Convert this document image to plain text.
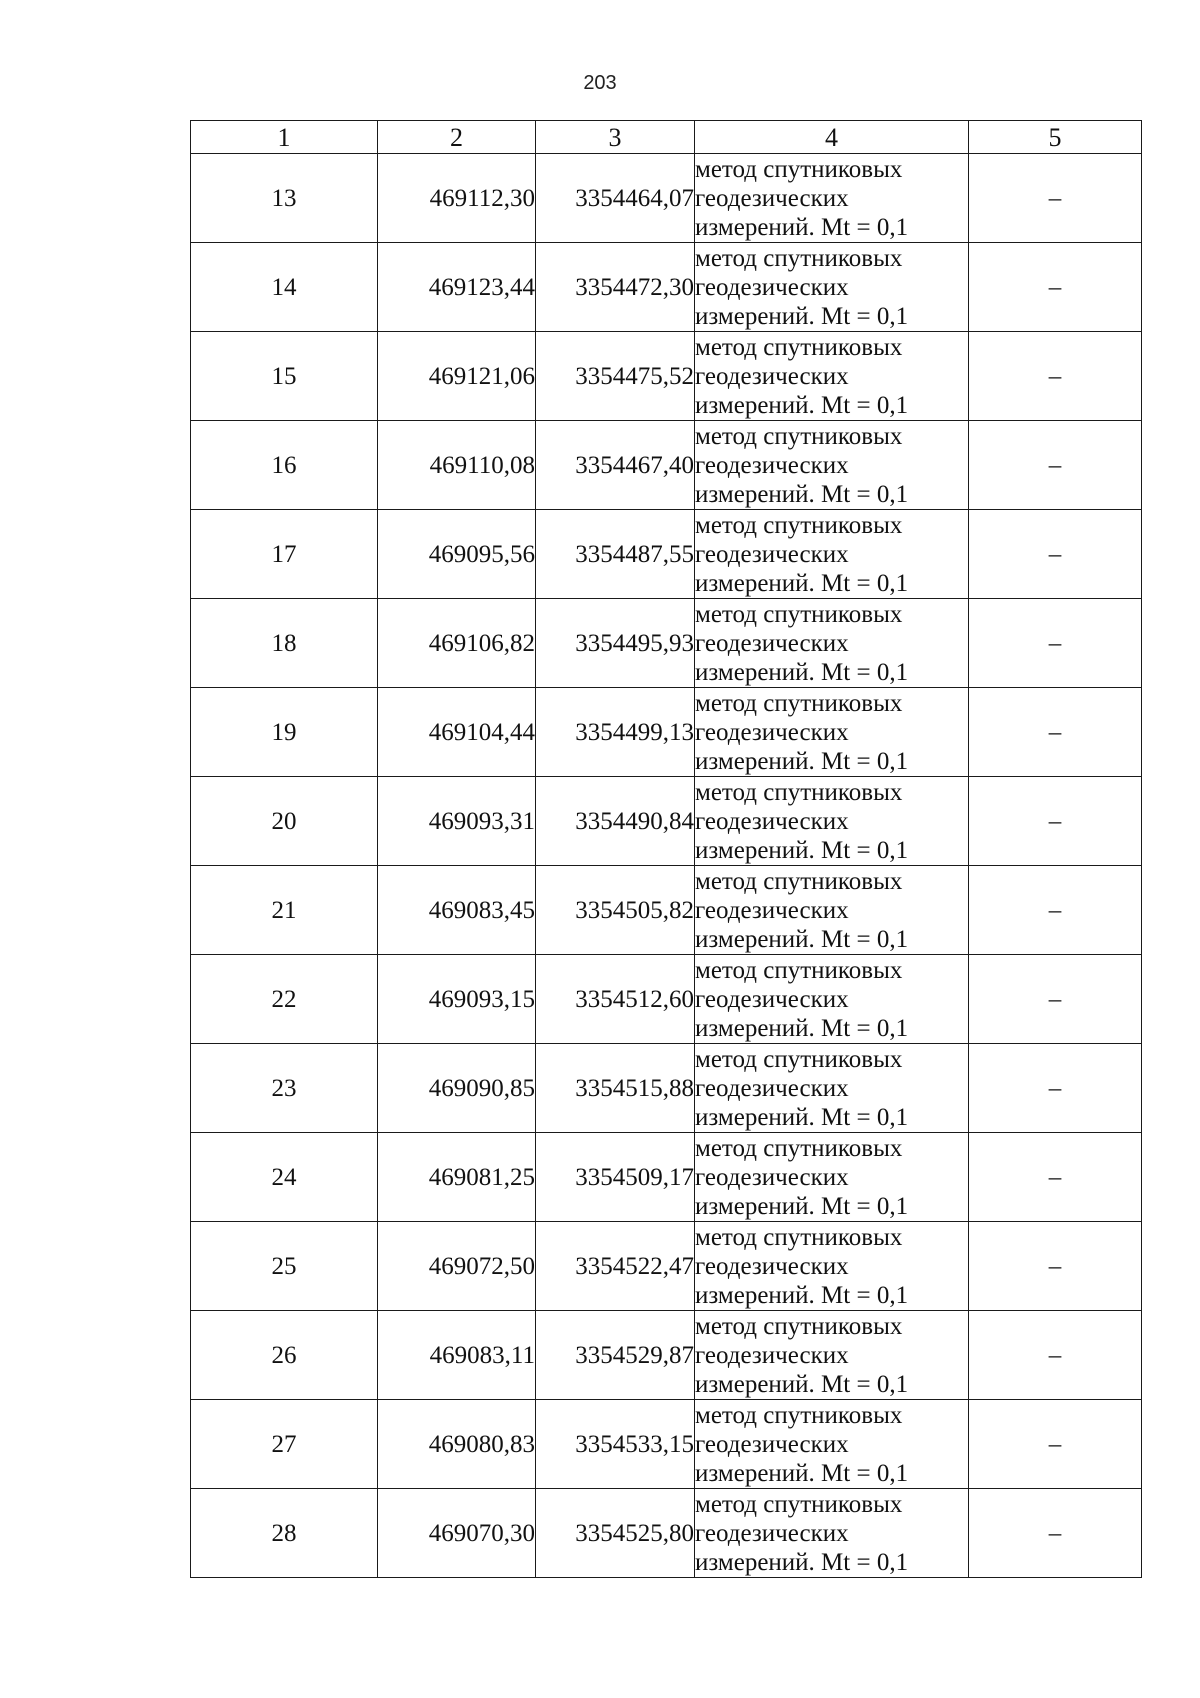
203
1	2	3	4	5
13	469112,30	3354464,07	метод спутниковых
геодезических
измерений. Mt = 0,1	–
14	469123,44	3354472,30	метод спутниковых
геодезических
измерений. Mt = 0,1	–
15	469121,06	3354475,52	метод спутниковых
геодезических
измерений. Mt = 0,1	–
16	469110,08	3354467,40	метод спутниковых
геодезических
измерений. Mt = 0,1	–
17	469095,56	3354487,55	метод спутниковых
геодезических
измерений. Mt = 0,1	–
18	469106,82	3354495,93	метод спутниковых
геодезических
измерений. Mt = 0,1	–
19	469104,44	3354499,13	метод спутниковых
геодезических
измерений. Mt = 0,1	–
20	469093,31	3354490,84	метод спутниковых
геодезических
измерений. Mt = 0,1	–
21	469083,45	3354505,82	метод спутниковых
геодезических
измерений. Mt = 0,1	–
22	469093,15	3354512,60	метод спутниковых
геодезических
измерений. Mt = 0,1	–
23	469090,85	3354515,88	метод спутниковых
геодезических
измерений. Mt = 0,1	–
24	469081,25	3354509,17	метод спутниковых
геодезических
измерений. Mt = 0,1	–
25	469072,50	3354522,47	метод спутниковых
геодезических
измерений. Mt = 0,1	–
26	469083,11	3354529,87	метод спутниковых
геодезических
измерений. Mt = 0,1	–
27	469080,83	3354533,15	метод спутниковых
геодезических
измерений. Mt = 0,1	–
28	469070,30	3354525,80	метод спутниковых
геодезических
измерений. Mt = 0,1	–
